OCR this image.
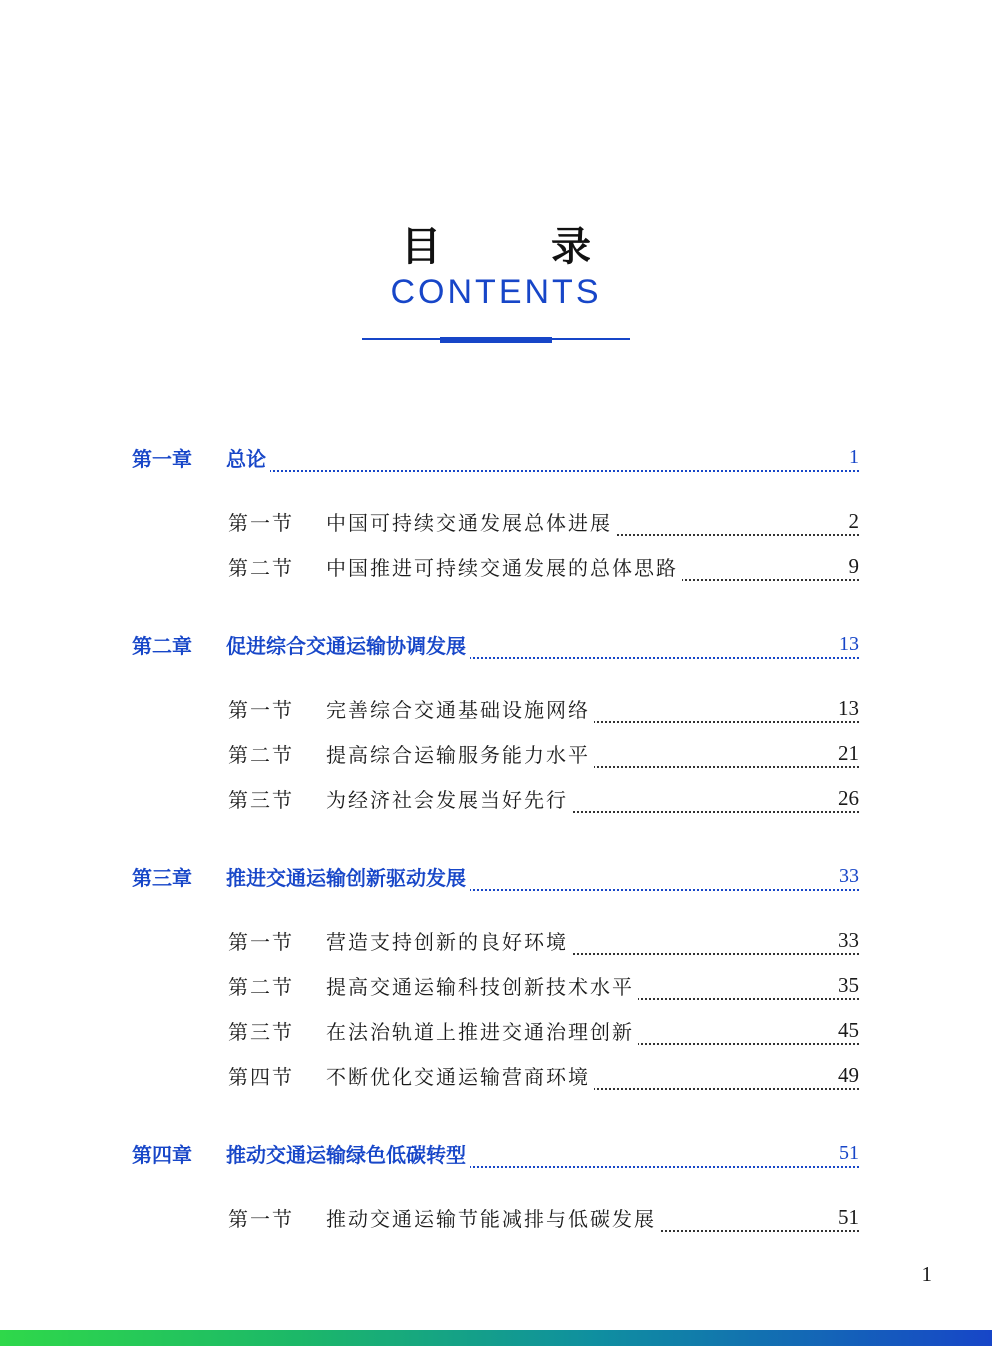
目 录
CONTENTS
第一章 总论	1
第一节 中国可持续交通发展总体进展	2
第二节 中国推进可持续交通发展的总体思路	9
第二章 促进综合交通运输协调发展	13
第一节 完善综合交通基础设施网络	13
第二节 提高综合运输服务能力水平	21
第三节 为经济社会发展当好先行	26
第三章 推进交通运输创新驱动发展	33
第一节 营造支持创新的良好环境	33
第二节 提高交通运输科技创新技术水平	35
第三节 在法治轨道上推进交通治理创新	45
第四节 不断优化交通运输营商环境	49
第四章 推动交通运输绿色低碳转型	51
第一节 推动交通运输节能减排与低碳发展	51
1
